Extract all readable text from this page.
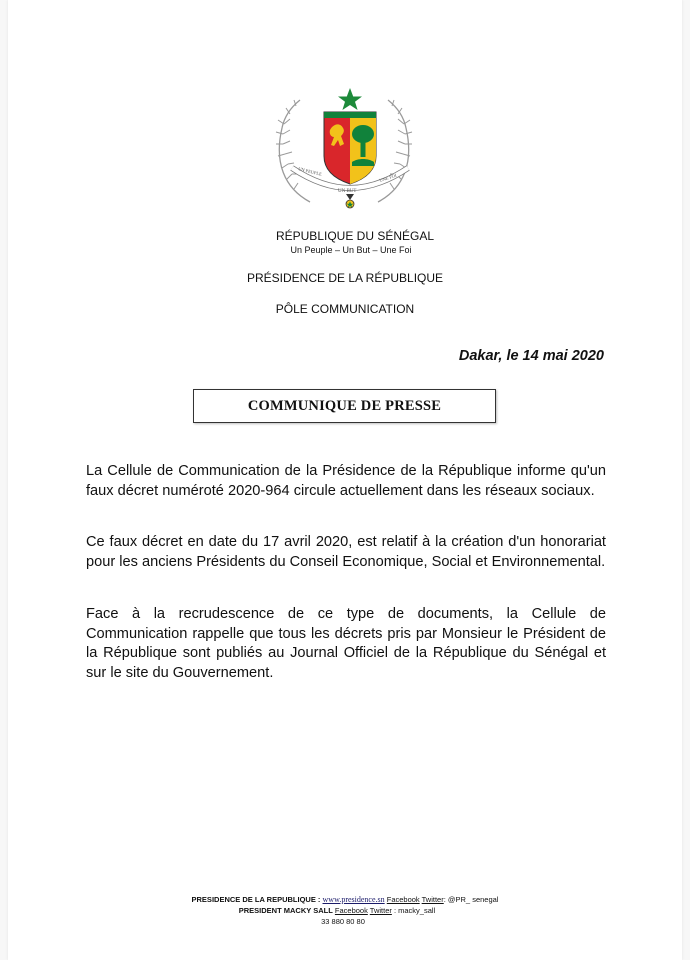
UN PEUPLE
UNE FOI
UN BUT
RÉPUBLIQUE DU SÉNÉGAL
Un Peuple – Un But – Une Foi
PRÉSIDENCE DE LA RÉPUBLIQUE
PÔLE COMMUNICATION
Dakar, le 14 mai 2020
COMMUNIQUE DE PRESSE
La Cellule de Communication de la Présidence de la République informe qu'un faux décret numéroté 2020-964 circule actuellement dans les réseaux sociaux.
Ce faux décret en date du 17 avril 2020, est relatif à la création d'un honorariat pour les anciens Présidents du Conseil Economique, Social et Environnemental.
Face à la recrudescence de ce type de documents, la Cellule de Communication rappelle que tous les décrets pris par Monsieur le Président de la République sont publiés au Journal Officiel de la République du Sénégal et sur le site du Gouvernement.
PRESIDENCE DE LA REPUBLIQUE : www.presidence.sn Facebook Twitter: @PR_ senegal
PRESIDENT MACKY SALL Facebook Twitter : macky_sall
33 880 80 80
